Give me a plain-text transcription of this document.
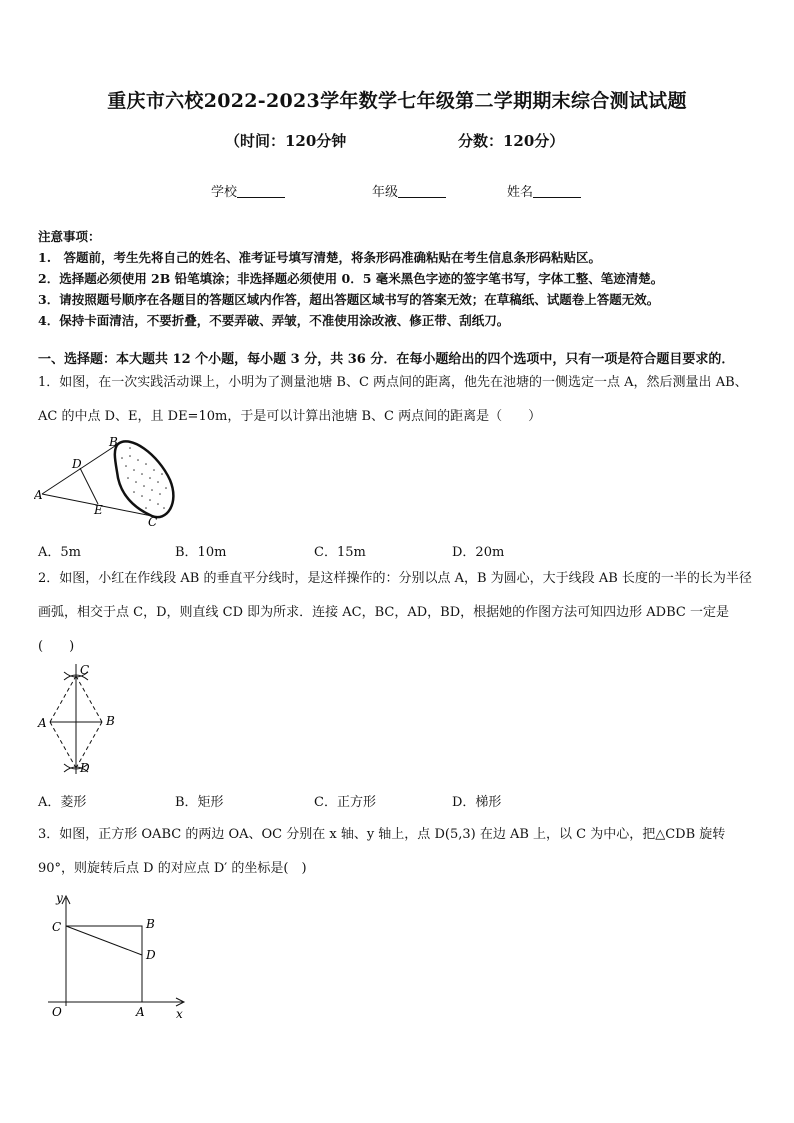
重庆市六校2022-2023学年数学七年级第二学期期末综合测试试题
（时间：120分钟	分数：120分）
学校	年级	姓名
注意事项：
1.　答题前，考生先将自己的姓名、准考证号填写清楚，将条形码准确粘贴在考生信息条形码粘贴区。
2．选择题必须使用 2B 铅笔填涂；非选择题必须使用 0．5 毫米黑色字迹的签字笔书写，字体工整、笔迹清楚。
3．请按照题号顺序在各题目的答题区域内作答，超出答题区域书写的答案无效；在草稿纸、试题卷上答题无效。
4．保持卡面清洁，不要折叠，不要弄破、弄皱，不准使用涂改液、修正带、刮纸刀。
一、选择题：本大题共 12 个小题，每小题 3 分，共 36 分．在每小题给出的四个选项中，只有一项是符合题目要求的．
1．如图，在一次实践活动课上，小明为了测量池塘 B、C 两点间的距离，他先在池塘的一侧选定一点 A，然后测量出 AB、AC 的中点 D、E，且 DE=10m，于是可以计算出池塘 B、C 两点间的距离是（　　）
A
B
C
D
E
A．5m	B．10m	C．15m	D．20m
2．如图，小红在作线段 AB 的垂直平分线时，是这样操作的：分别以点 A，B 为圆心，大于线段 AB 长度的一半的长为半径画弧，相交于点 C，D，则直线 CD 即为所求．连接 AC，BC，AD，BD，根据她的作图方法可知四边形 ADBC 一定是(　　)
C
A	B
D
A．菱形	B．矩形	C．正方形	D．梯形
3．如图，正方形 OABC 的两边 OA、OC 分别在 x 轴、y 轴上，点 D(5,3) 在边 AB 上，以 C 为中心，把△CDB 旋转 90°，则旋转后点 D 的对应点 D′ 的坐标是(　)
y
C	B
D
O	A	x
